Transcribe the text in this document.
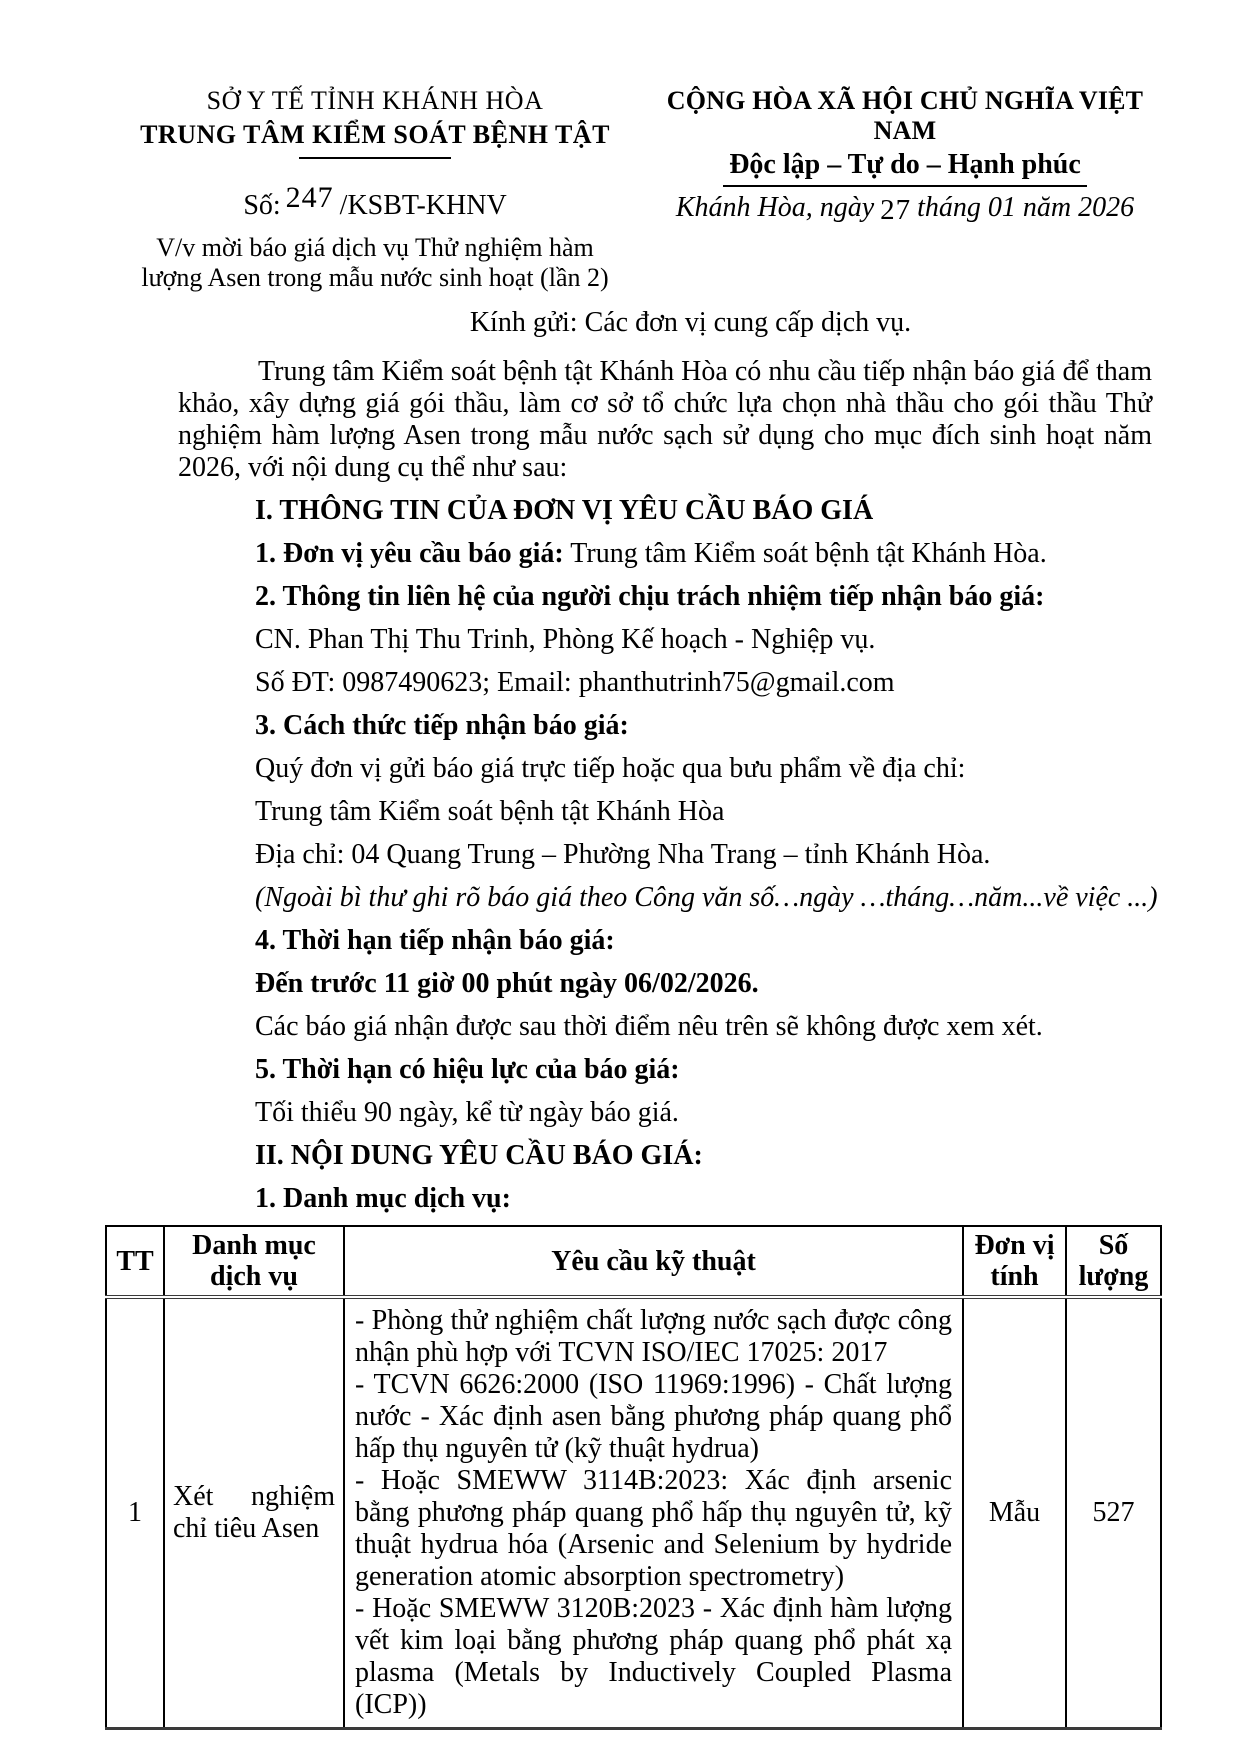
SỞ Y TẾ TỈNH KHÁNH HÒA
TRUNG TÂM KIỂM SOÁT BỆNH TẬT
CỘNG HÒA XÃ HỘI CHỦ NGHĨA VIỆT NAM
Độc lập – Tự do – Hạnh phúc
Số: 247 /KSBT-KHNV	Khánh Hòa, ngày 27 tháng 01 năm 2026
V/v mời báo giá dịch vụ Thử nghiệm hàm
lượng Asen trong mẫu nước sinh hoạt (lần 2)
Kính gửi: Các đơn vị cung cấp dịch vụ.

Trung tâm Kiểm soát bệnh tật Khánh Hòa có nhu cầu tiếp nhận báo giá để tham khảo, xây dựng giá gói thầu, làm cơ sở tổ chức lựa chọn nhà thầu cho gói thầu Thử nghiệm hàm lượng Asen trong mẫu nước sạch sử dụng cho mục đích sinh hoạt năm 2026, với nội dung cụ thể như sau:

I. THÔNG TIN CỦA ĐƠN VỊ YÊU CẦU BÁO GIÁ
1. Đơn vị yêu cầu báo giá: Trung tâm Kiểm soát bệnh tật Khánh Hòa.
2. Thông tin liên hệ của người chịu trách nhiệm tiếp nhận báo giá:
CN. Phan Thị Thu Trinh, Phòng Kế hoạch - Nghiệp vụ.
Số ĐT: 0987490623; Email: phanthutrinh75@gmail.com
3. Cách thức tiếp nhận báo giá:
Quý đơn vị gửi báo giá trực tiếp hoặc qua bưu phẩm về địa chỉ:
Trung tâm Kiểm soát bệnh tật Khánh Hòa
Địa chỉ: 04 Quang Trung – Phường Nha Trang – tỉnh Khánh Hòa.
(Ngoài bì thư ghi rõ báo giá theo Công văn số…ngày …tháng…năm...về việc ...)
4. Thời hạn tiếp nhận báo giá:
Đến trước 11 giờ 00 phút ngày 06/02/2026.
Các báo giá nhận được sau thời điểm nêu trên sẽ không được xem xét.
5. Thời hạn có hiệu lực của báo giá:
Tối thiểu 90 ngày, kể từ ngày báo giá.
II. NỘI DUNG YÊU CẦU BÁO GIÁ:
1. Danh mục dịch vụ:
TT	Danh mục dịch vụ	Yêu cầu kỹ thuật	Đơn vị tính	Số lượng
1	Xét nghiệm chỉ tiêu Asen	- Phòng thử nghiệm chất lượng nước sạch được công nhận phù hợp với TCVN ISO/IEC 17025: 2017
- TCVN 6626:2000 (ISO 11969:1996) - Chất lượng nước - Xác định asen bằng phương pháp quang phổ hấp thụ nguyên tử (kỹ thuật hydrua)
- Hoặc SMEWW 3114B:2023: Xác định arsenic bằng phương pháp quang phổ hấp thụ nguyên tử, kỹ thuật hydrua hóa (Arsenic and Selenium by hydride generation atomic absorption spectrometry)
- Hoặc SMEWW 3120B:2023 - Xác định hàm lượng vết kim loại bằng phương pháp quang phổ phát xạ plasma (Metals by Inductively Coupled Plasma (ICP))	Mẫu	527
